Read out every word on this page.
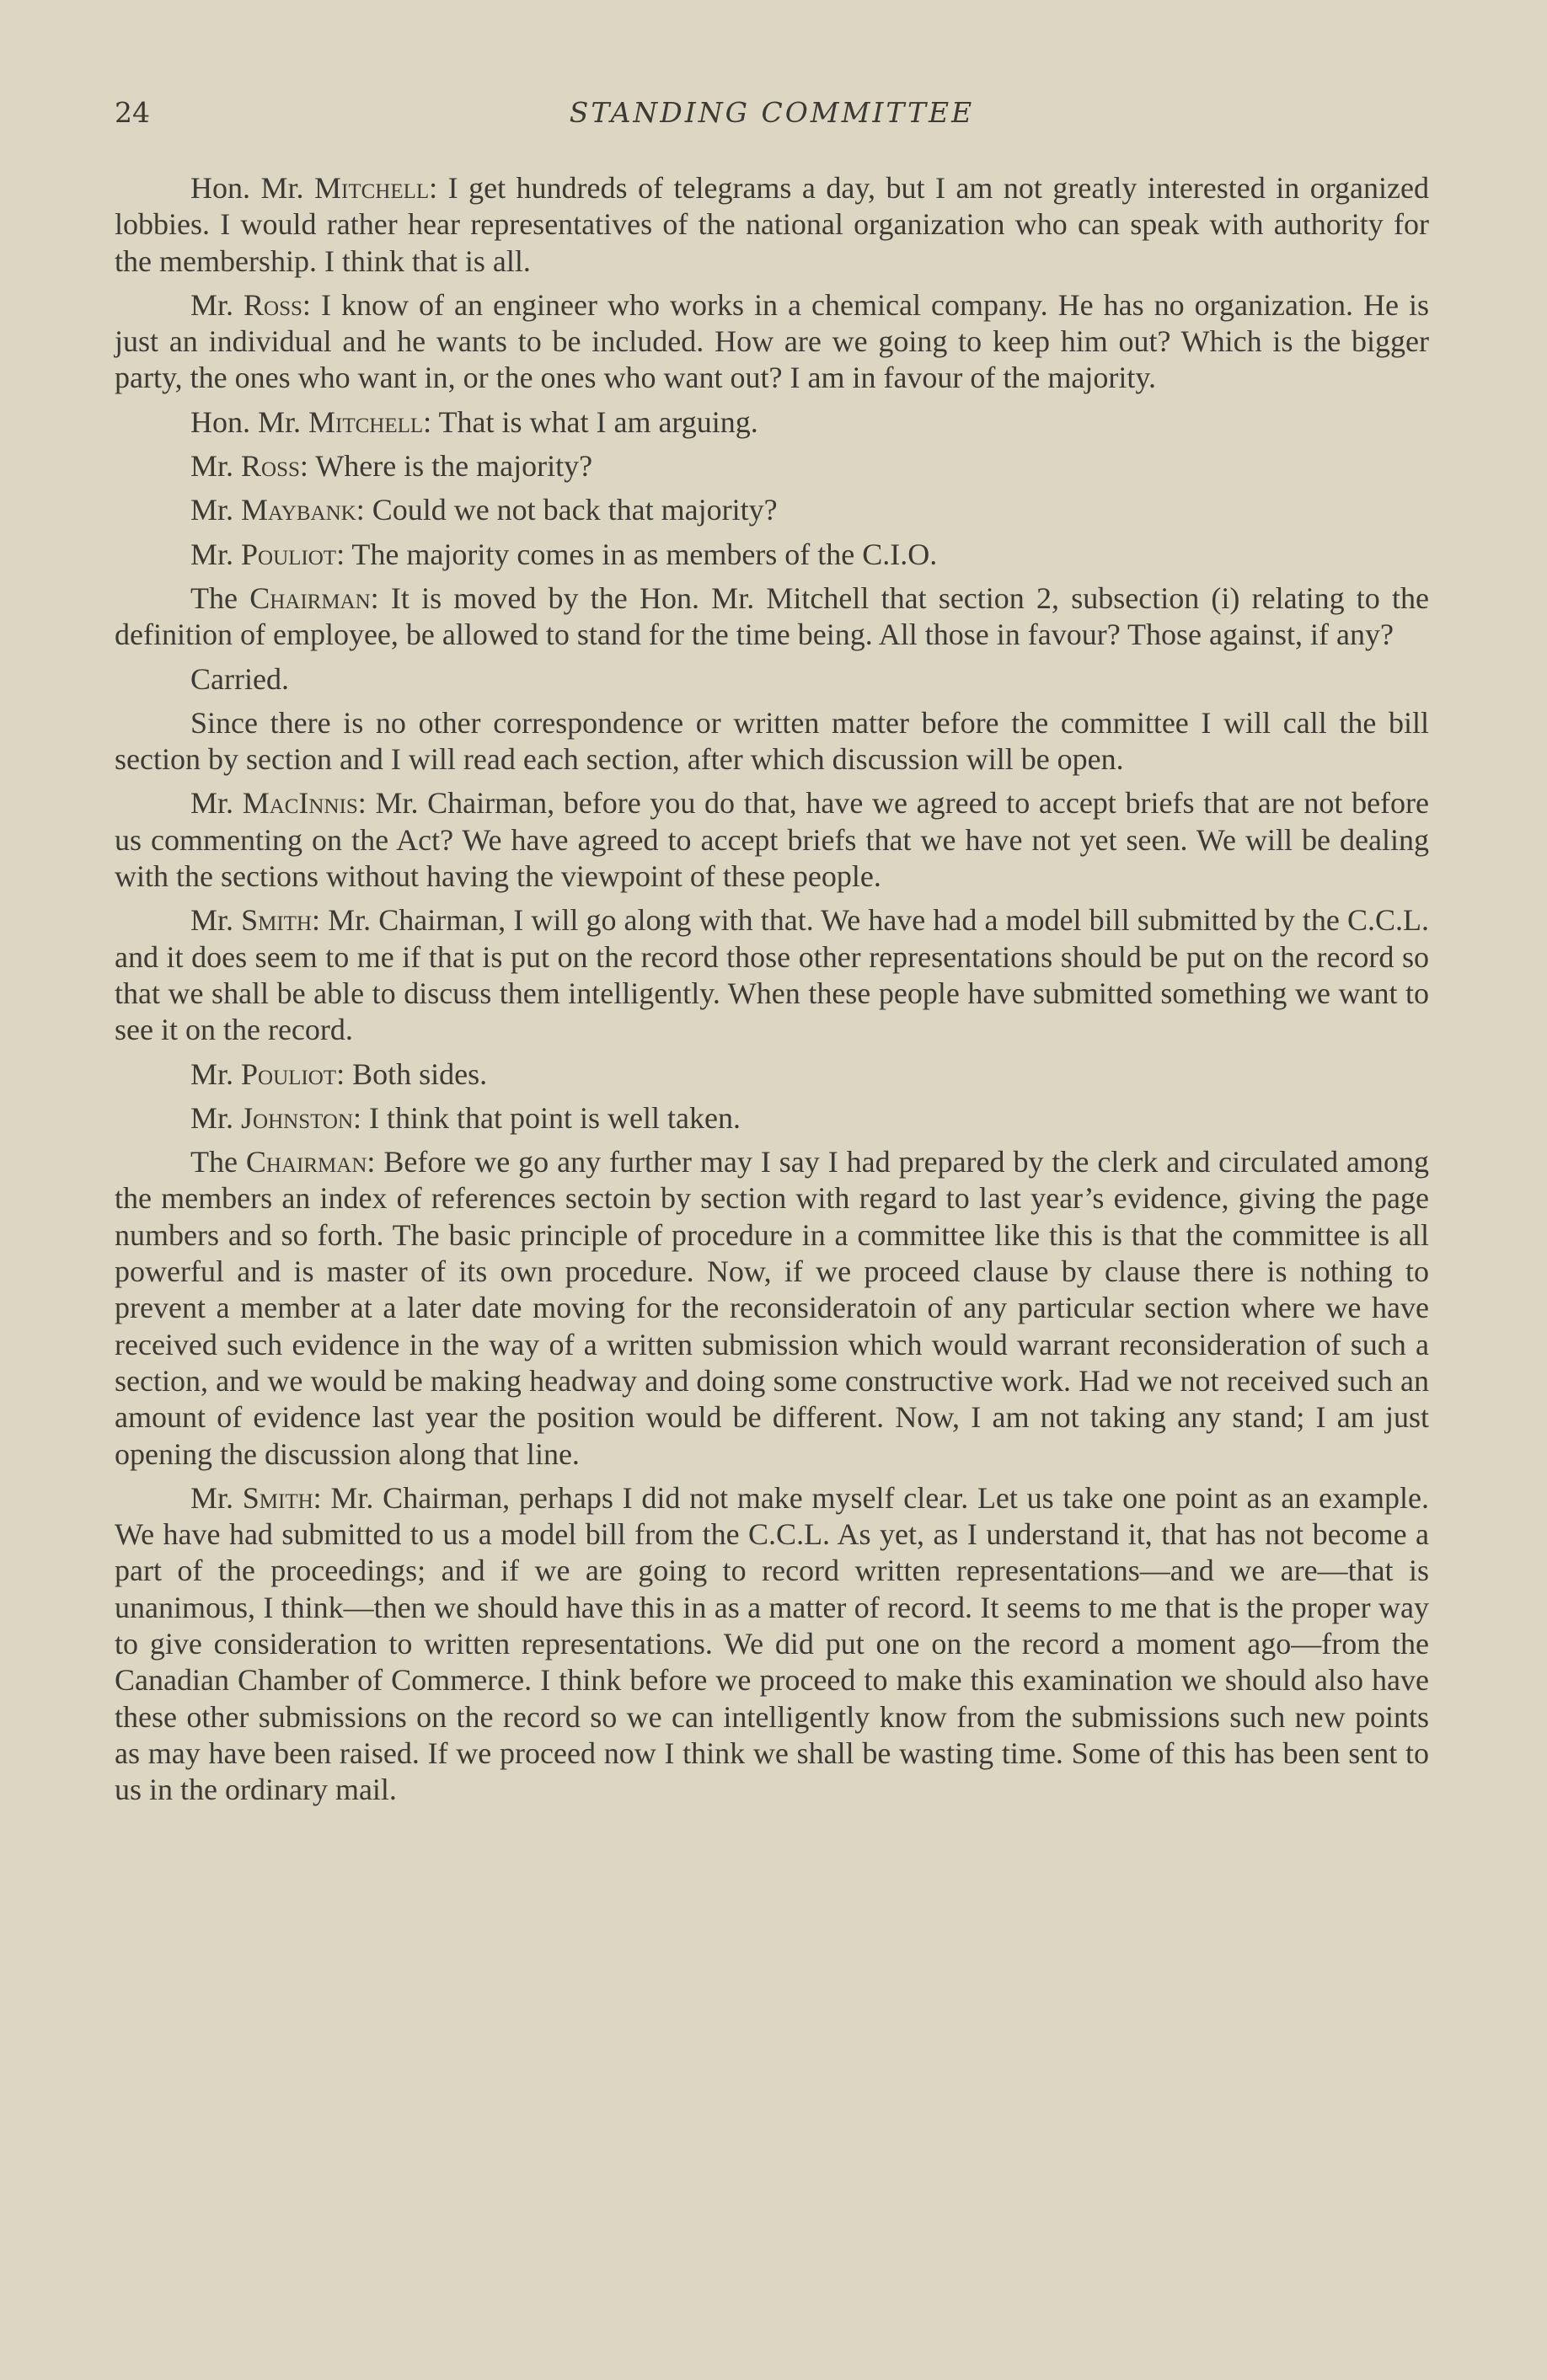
24	STANDING COMMITTEE

Hon. Mr. Mitchell: I get hundreds of telegrams a day, but I am not greatly interested in organized lobbies. I would rather hear representatives of the national organization who can speak with authority for the membership. I think that is all.

Mr. Ross: I know of an engineer who works in a chemical company. He has no organization. He is just an individual and he wants to be included. How are we going to keep him out? Which is the bigger party, the ones who want in, or the ones who want out? I am in favour of the majority.

Hon. Mr. Mitchell: That is what I am arguing.

Mr. Ross: Where is the majority?

Mr. Maybank: Could we not back that majority?

Mr. Pouliot: The majority comes in as members of the C.I.O.

The Chairman: It is moved by the Hon. Mr. Mitchell that section 2, subsection (i) relating to the definition of employee, be allowed to stand for the time being. All those in favour? Those against, if any?

Carried.

Since there is no other correspondence or written matter before the committee I will call the bill section by section and I will read each section, after which discussion will be open.

Mr. MacInnis: Mr. Chairman, before you do that, have we agreed to accept briefs that are not before us commenting on the Act? We have agreed to accept briefs that we have not yet seen. We will be dealing with the sections without having the viewpoint of these people.

Mr. Smith: Mr. Chairman, I will go along with that. We have had a model bill submitted by the C.C.L. and it does seem to me if that is put on the record those other representations should be put on the record so that we shall be able to discuss them intelligently. When these people have submitted something we want to see it on the record.

Mr. Pouliot: Both sides.

Mr. Johnston: I think that point is well taken.

The Chairman: Before we go any further may I say I had prepared by the clerk and circulated among the members an index of references sectoin by section with regard to last year’s evidence, giving the page numbers and so forth. The basic principle of procedure in a committee like this is that the committee is all powerful and is master of its own procedure. Now, if we proceed clause by clause there is nothing to prevent a member at a later date moving for the reconsideratoin of any particular section where we have received such evidence in the way of a written submission which would warrant reconsideration of such a section, and we would be making headway and doing some constructive work. Had we not received such an amount of evidence last year the position would be different. Now, I am not taking any stand; I am just opening the discussion along that line.

Mr. Smith: Mr. Chairman, perhaps I did not make myself clear. Let us take one point as an example. We have had submitted to us a model bill from the C.C.L. As yet, as I understand it, that has not become a part of the proceedings; and if we are going to record written representations—and we are—that is unanimous, I think—then we should have this in as a matter of record. It seems to me that is the proper way to give consideration to written representations. We did put one on the record a moment ago—from the Canadian Chamber of Commerce. I think before we proceed to make this examination we should also have these other submissions on the record so we can intelligently know from the submissions such new points as may have been raised. If we proceed now I think we shall be wasting time. Some of this has been sent to us in the ordinary mail.
